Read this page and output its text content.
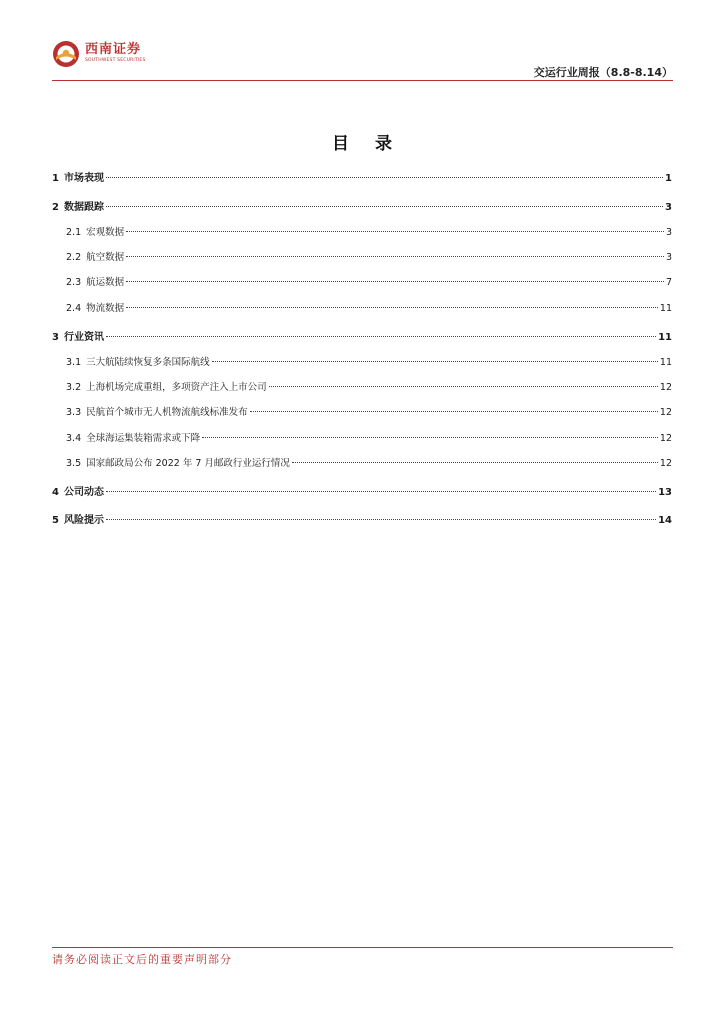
西南证券
SOUTHWEST SECURITIES
交运行业周报（8.8-8.14）
目 录
1 市场表现	1
2 数据跟踪	3
2.1 宏观数据	3
2.2 航空数据	3
2.3 航运数据	7
2.4 物流数据	11
3 行业资讯	11
3.1 三大航陆续恢复多条国际航线	11
3.2 上海机场完成重组，多项资产注入上市公司	12
3.3 民航首个城市无人机物流航线标准发布	12
3.4 全球海运集装箱需求或下降	12
3.5 国家邮政局公布 2022 年 7 月邮政行业运行情况	12
4 公司动态	13
5 风险提示	14
请务必阅读正文后的重要声明部分
